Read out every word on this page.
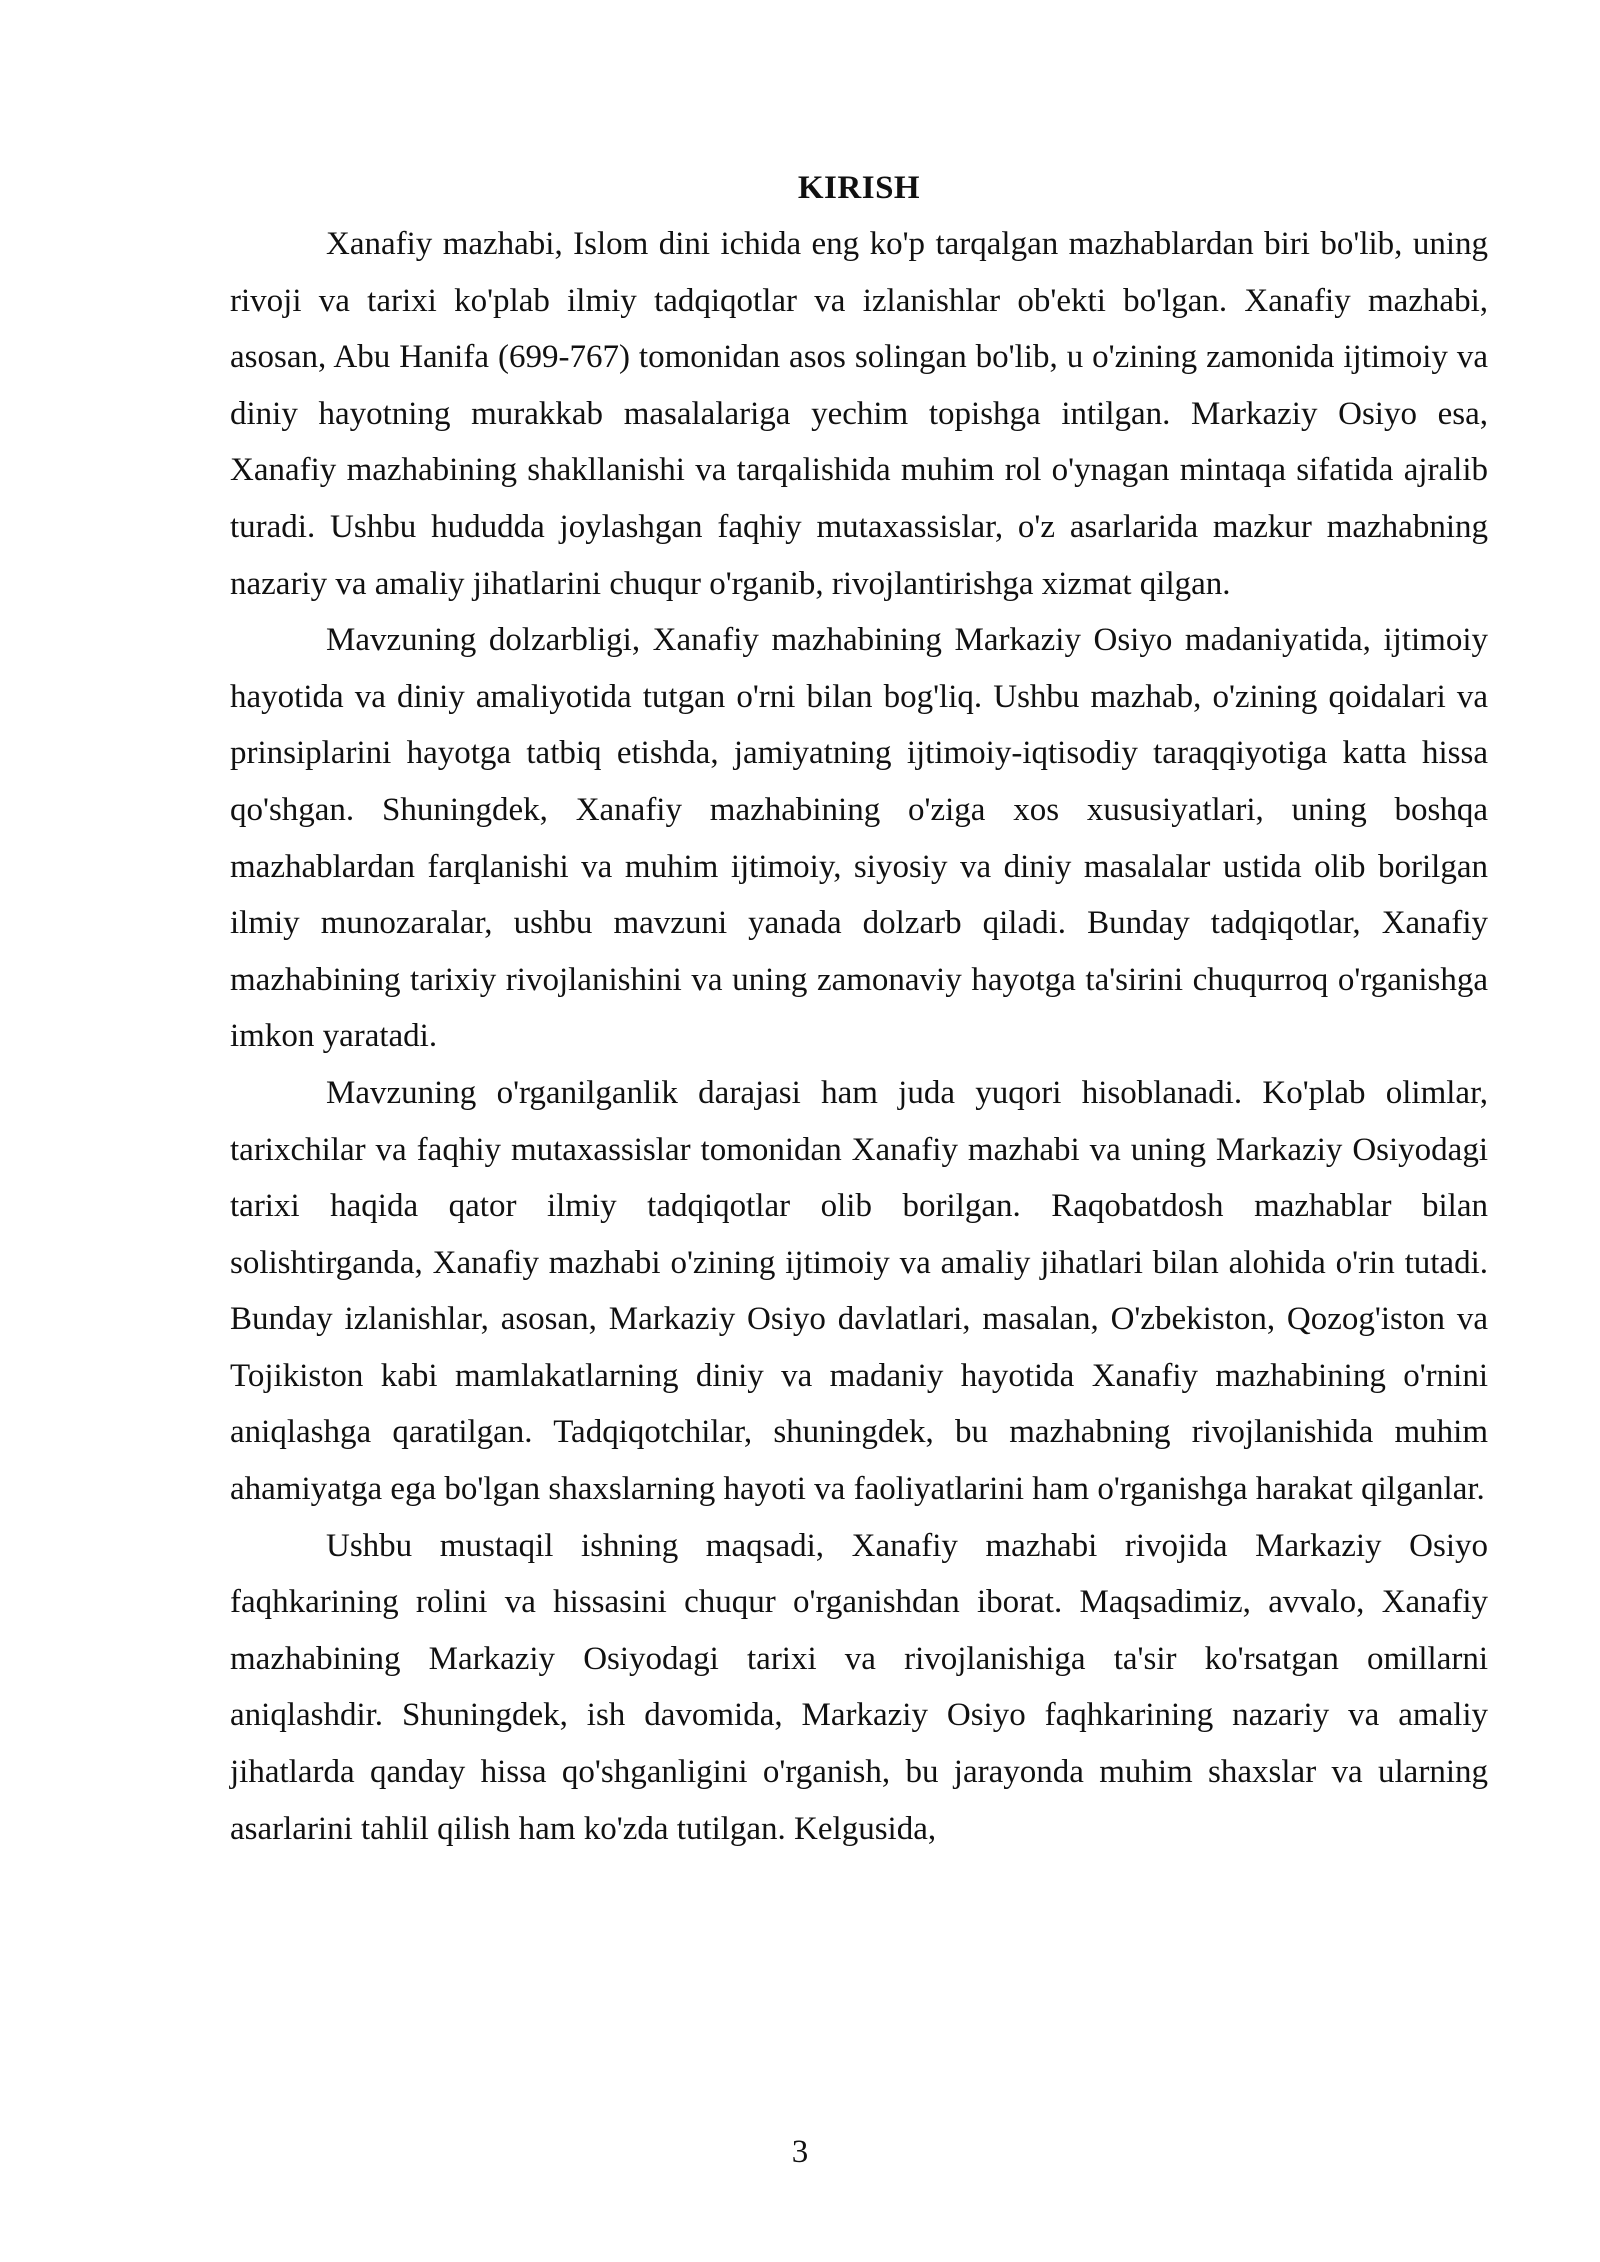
KIRISH

Xanafiy mazhabi, Islom dini ichida eng ko'p tarqalgan mazhablardan biri bo'lib, uning rivoji va tarixi ko'plab ilmiy tadqiqotlar va izlanishlar ob'ekti bo'lgan. Xanafiy mazhabi, asosan, Abu Hanifa (699-767) tomonidan asos solingan bo'lib, u o'zining zamonida ijtimoiy va diniy hayotning murakkab masalalariga yechim topishga intilgan. Markaziy Osiyo esa, Xanafiy mazhabining shakllanishi va tarqalishida muhim rol o'ynagan mintaqa sifatida ajralib turadi. Ushbu hududda joylashgan faqhiy mutaxassislar, o'z asarlarida mazkur mazhabning nazariy va amaliy jihatlarini chuqur o'rganib, rivojlantirishga xizmat qilgan.

Mavzuning dolzarbligi, Xanafiy mazhabining Markaziy Osiyo madaniyatida, ijtimoiy hayotida va diniy amaliyotida tutgan o'rni bilan bog'liq. Ushbu mazhab, o'zining qoidalari va prinsiplarini hayotga tatbiq etishda, jamiyatning ijtimoiy-iqtisodiy taraqqiyotiga katta hissa qo'shgan. Shuningdek, Xanafiy mazhabining o'ziga xos xususiyatlari, uning boshqa mazhablardan farqlanishi va muhim ijtimoiy, siyosiy va diniy masalalar ustida olib borilgan ilmiy munozaralar, ushbu mavzuni yanada dolzarb qiladi. Bunday tadqiqotlar, Xanafiy mazhabining tarixiy rivojlanishini va uning zamonaviy hayotga ta'sirini chuqurroq o'rganishga imkon yaratadi.

Mavzuning o'rganilganlik darajasi ham juda yuqori hisoblanadi. Ko'plab olimlar, tarixchilar va faqhiy mutaxassislar tomonidan Xanafiy mazhabi va uning Markaziy Osiyodagi tarixi haqida qator ilmiy tadqiqotlar olib borilgan. Raqobatdosh mazhablar bilan solishtirganda, Xanafiy mazhabi o'zining ijtimoiy va amaliy jihatlari bilan alohida o'rin tutadi. Bunday izlanishlar, asosan, Markaziy Osiyo davlatlari, masalan, O'zbekiston, Qozog'iston va Tojikiston kabi mamlakatlarning diniy va madaniy hayotida Xanafiy mazhabining o'rnini aniqlashga qaratilgan. Tadqiqotchilar, shuningdek, bu mazhabning rivojlanishida muhim ahamiyatga ega bo'lgan shaxslarning hayoti va faoliyatlarini ham o'rganishga harakat qilganlar.

Ushbu mustaqil ishning maqsadi, Xanafiy mazhabi rivojida Markaziy Osiyo faqhkarining rolini va hissasini chuqur o'rganishdan iborat. Maqsadimiz, avvalo, Xanafiy mazhabining Markaziy Osiyodagi tarixi va rivojlanishiga ta'sir ko'rsatgan omillarni aniqlashdir. Shuningdek, ish davomida, Markaziy Osiyo faqhkarining nazariy va amaliy jihatlarda qanday hissa qo'shganligini o'rganish, bu jarayonda muhim shaxslar va ularning asarlarini tahlil qilish ham ko'zda tutilgan. Kelgusida,

3
